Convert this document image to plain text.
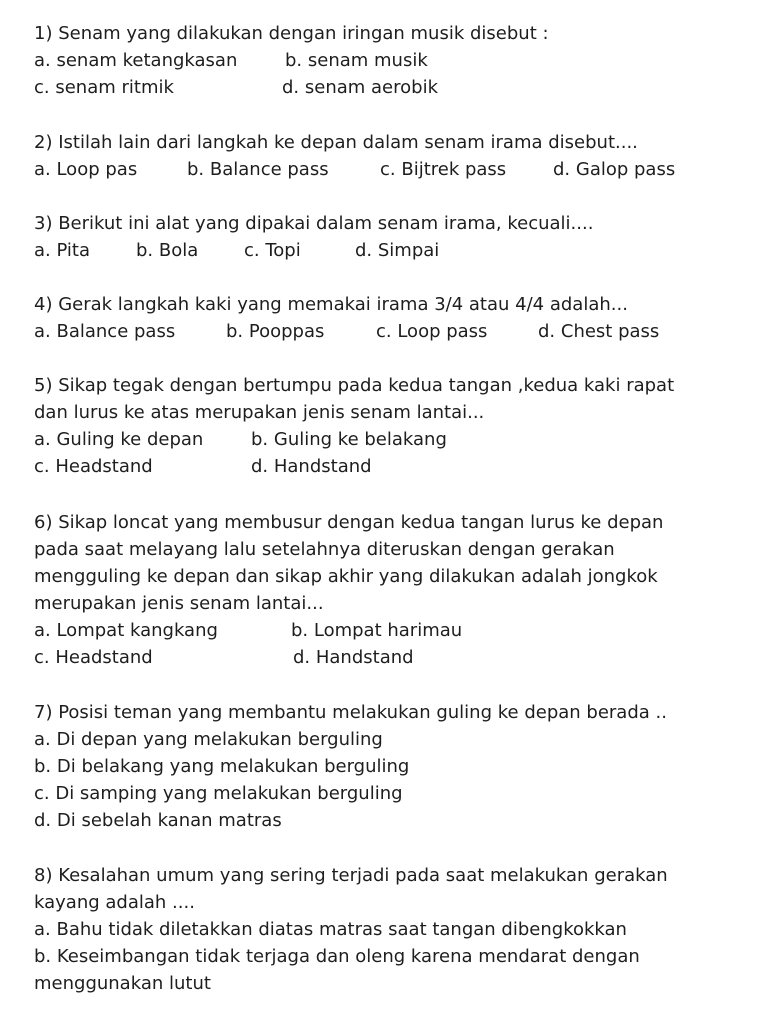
1) Senam yang dilakukan dengan iringan musik disebut :
a. senam ketangkasan	b. senam musik
c. senam ritmik	d. senam aerobik
2) Istilah lain dari langkah ke depan dalam senam irama disebut....
a. Loop pas	b. Balance pass	c. Bijtrek pass	d. Galop pass
3) Berikut ini alat yang dipakai dalam senam irama, kecuali....
a. Pita	b. Bola	c. Topi	d. Simpai
4) Gerak langkah kaki yang memakai irama 3/4 atau 4/4 adalah...
a. Balance pass	b. Pooppas	c. Loop pass	d. Chest pass
5) Sikap tegak dengan bertumpu pada kedua tangan ,kedua kaki rapat
dan lurus ke atas merupakan jenis senam lantai...
a. Guling ke depan	b. Guling ke belakang
c. Headstand	d. Handstand
6) Sikap loncat yang membusur dengan kedua tangan lurus ke depan
pada saat melayang lalu setelahnya diteruskan dengan gerakan
mengguling ke depan dan sikap akhir yang dilakukan adalah jongkok
merupakan jenis senam lantai...
a. Lompat kangkang	b. Lompat harimau
c. Headstand	d. Handstand
7) Posisi teman yang membantu melakukan guling ke depan berada ..
a. Di depan yang melakukan berguling
b. Di belakang yang melakukan berguling
c. Di samping yang melakukan berguling
d. Di sebelah kanan matras
8) Kesalahan umum yang sering terjadi pada saat melakukan gerakan
kayang adalah ....
a. Bahu tidak diletakkan diatas matras saat tangan dibengkokkan
b. Keseimbangan tidak terjaga dan oleng karena mendarat dengan
menggunakan lutut
